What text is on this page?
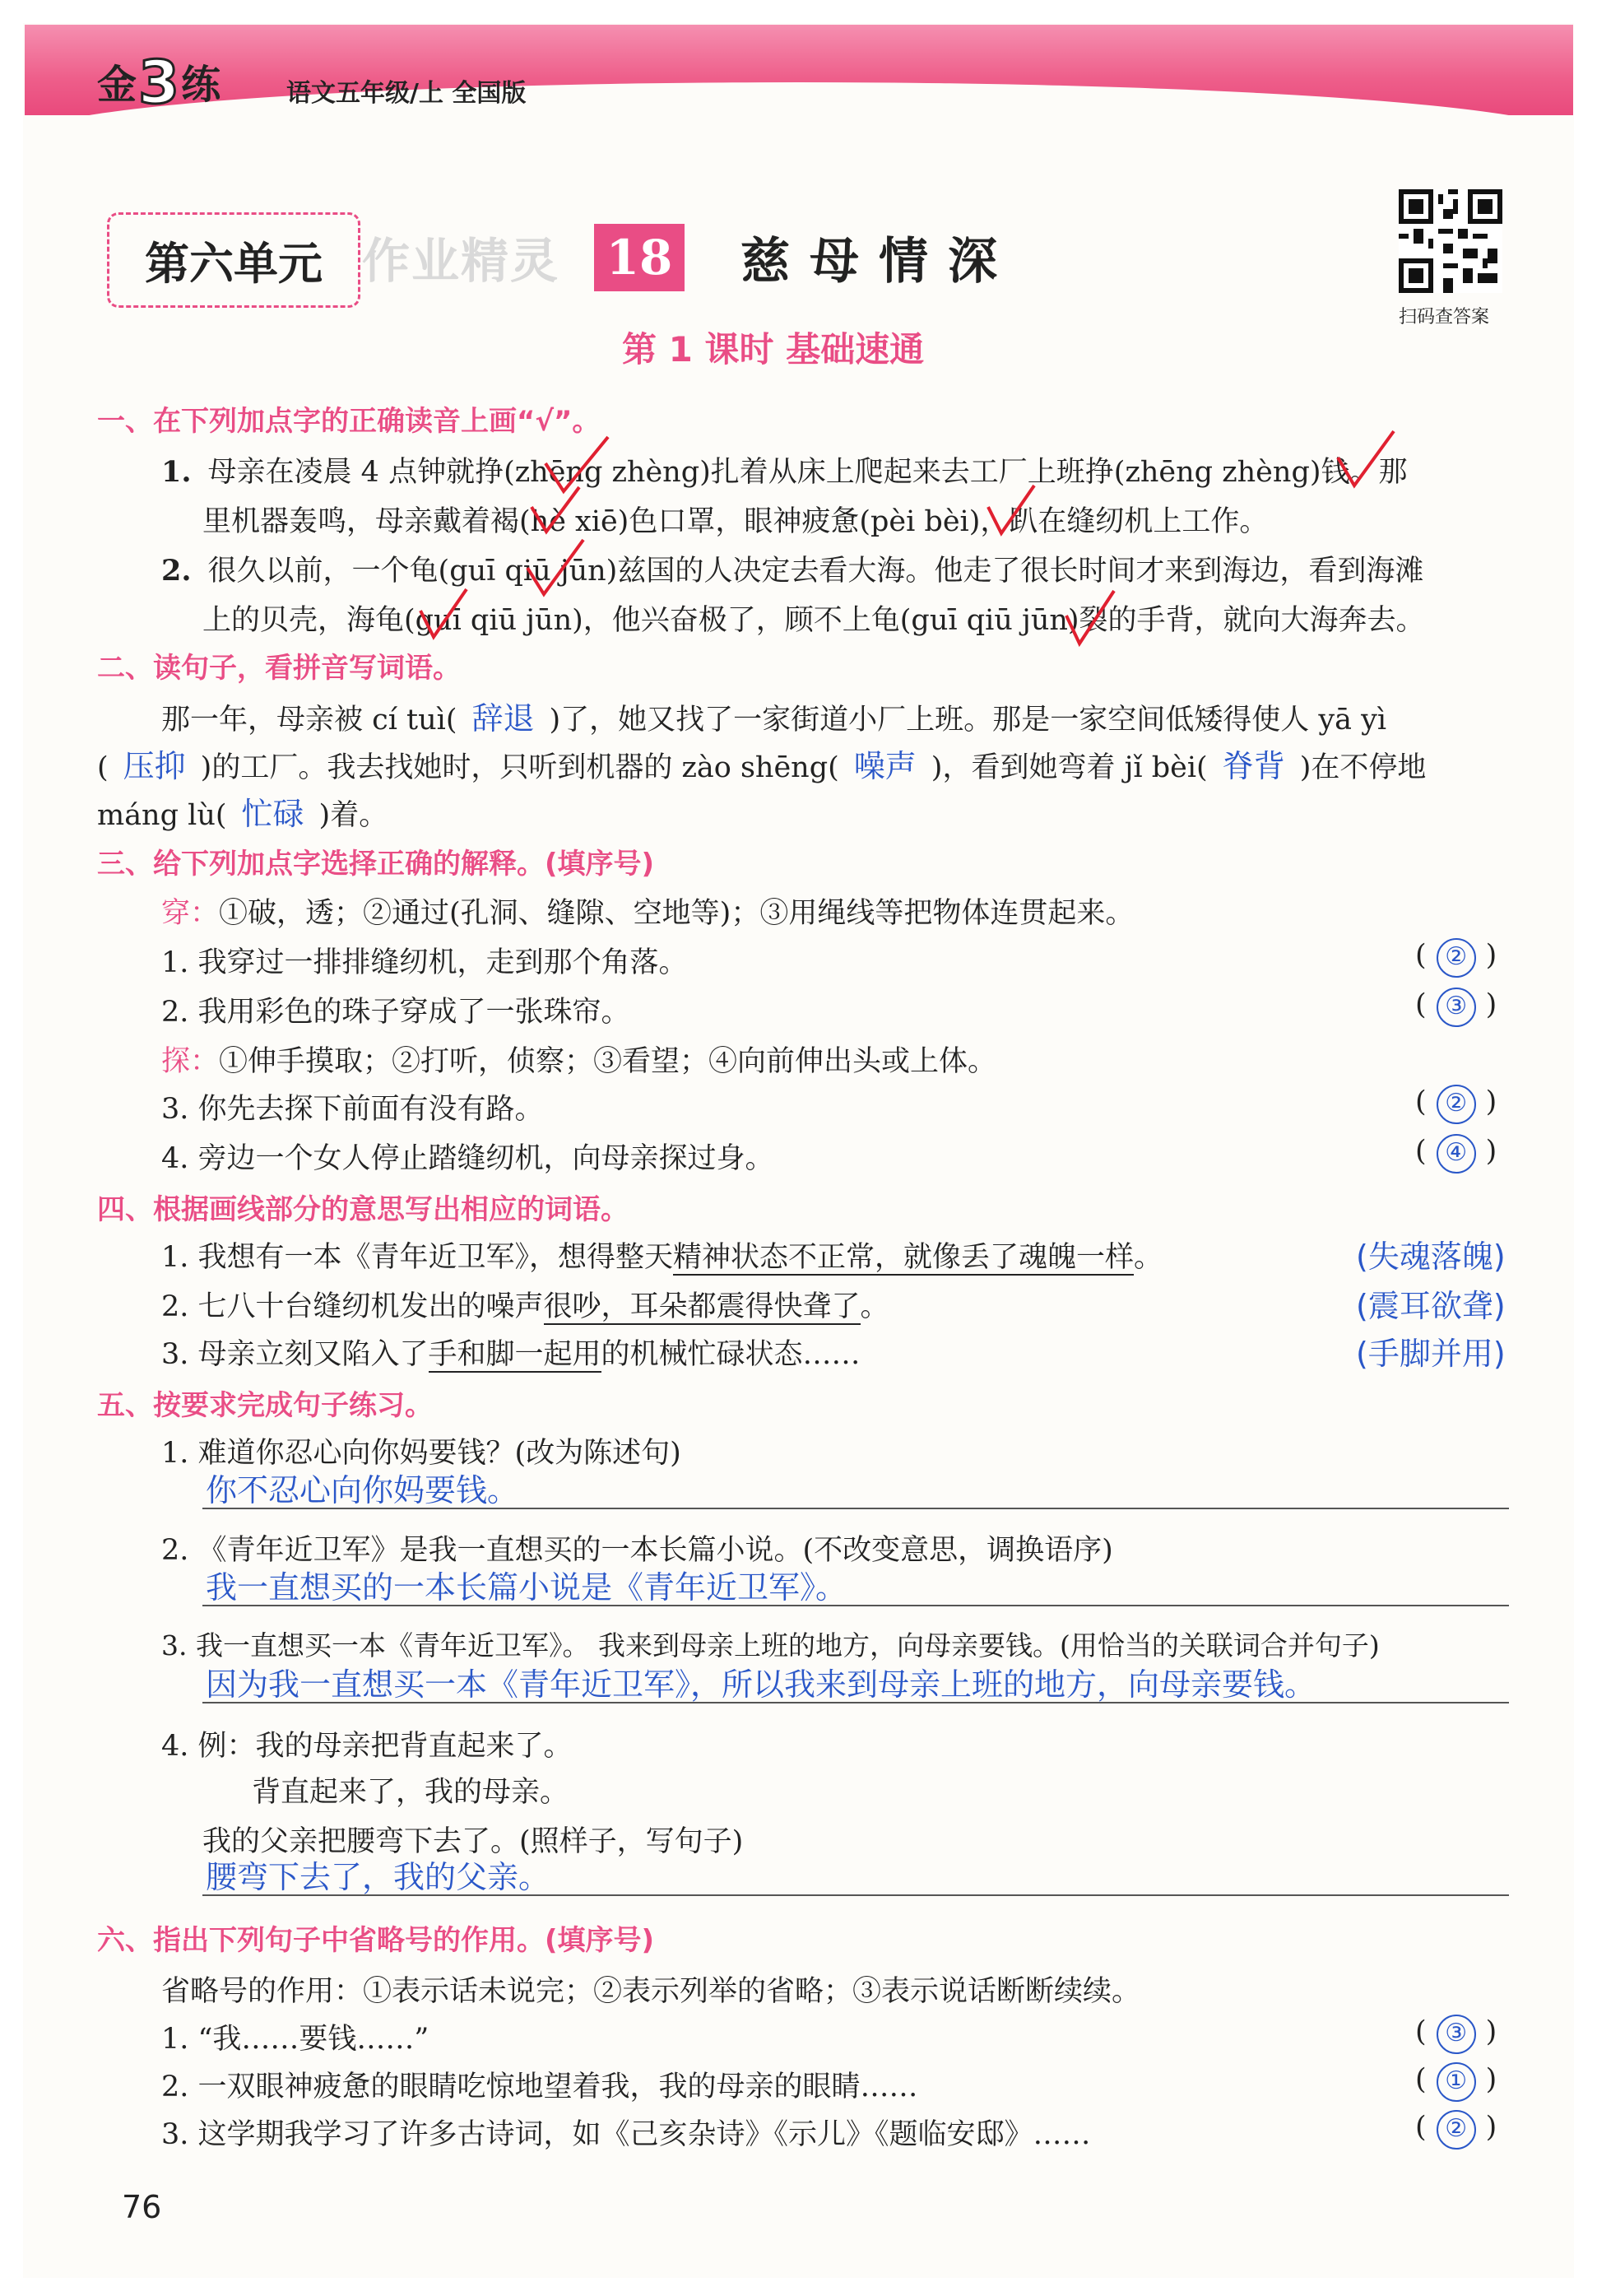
金3练	语文五年级/上 全国版
第六单元 作业精灵 18 慈母情深
扫码查答案
第 1 课时 基础速通
一、在下列加点字的正确读音上画“√”。
1. 母亲在凌晨 4 点钟就挣(zhēng zhèng)扎着从床上爬起来去工厂上班挣(zhēng zhèng)钱。那
里机器轰鸣，母亲戴着褐(hè xiē)色口罩，眼神疲惫(pèi bèi)，趴在缝纫机上工作。
2. 很久以前，一个龟(guī qiū jūn)兹国的人决定去看大海。他走了很长时间才来到海边，看到海滩
上的贝壳，海龟(guī qiū jūn)，他兴奋极了，顾不上龟(guī qiū jūn)裂的手背，就向大海奔去。
二、读句子，看拼音写词语。
那一年，母亲被 cí tuì( 辞退 )了，她又找了一家街道小厂上班。那是一家空间低矮得使人 yā yì
( 压抑 )的工厂。我去找她时，只听到机器的 zào shēng( 噪声 )，看到她弯着 jǐ bèi( 脊背 )在不停地
máng lù( 忙碌 )着。
三、给下列加点字选择正确的解释。(填序号)
穿：①破，透；②通过(孔洞、缝隙、空地等)；③用绳线等把物体连贯起来。
1. 我穿过一排排缝纫机，走到那个角落。	( ② )
2. 我用彩色的珠子穿成了一张珠帘。	( ③ )
探：①伸手摸取；②打听，侦察；③看望；④向前伸出头或上体。
3. 你先去探下前面有没有路。	( ② )
4. 旁边一个女人停止踏缝纫机，向母亲探过身。	( ④ )
四、根据画线部分的意思写出相应的词语。
1. 我想有一本《青年近卫军》，想得整天精神状态不正常，就像丢了魂魄一样。	(失魂落魄)
2. 七八十台缝纫机发出的噪声很吵，耳朵都震得快聋了。	(震耳欲聋)
3. 母亲立刻又陷入了手和脚一起用的机械忙碌状态……	(手脚并用)
五、按要求完成句子练习。
1. 难道你忍心向你妈要钱？(改为陈述句)
你不忍心向你妈要钱。
2. 《青年近卫军》是我一直想买的一本长篇小说。(不改变意思，调换语序)
我一直想买的一本长篇小说是《青年近卫军》。
3. 我一直想买一本《青年近卫军》。 我来到母亲上班的地方，向母亲要钱。(用恰当的关联词合并句子)
因为我一直想买一本《青年近卫军》，所以我来到母亲上班的地方，向母亲要钱。
4. 例：我的母亲把背直起来了。
背直起来了，我的母亲。
我的父亲把腰弯下去了。(照样子，写句子)
腰弯下去了，我的父亲。
六、指出下列句子中省略号的作用。(填序号)
省略号的作用：①表示话未说完；②表示列举的省略；③表示说话断断续续。
1. “我……要钱……”	( ③ )
2. 一双眼神疲惫的眼睛吃惊地望着我，我的母亲的眼睛……	( ① )
3. 这学期我学习了许多古诗词，如《己亥杂诗》《示儿》《题临安邸》……	( ② )
76
